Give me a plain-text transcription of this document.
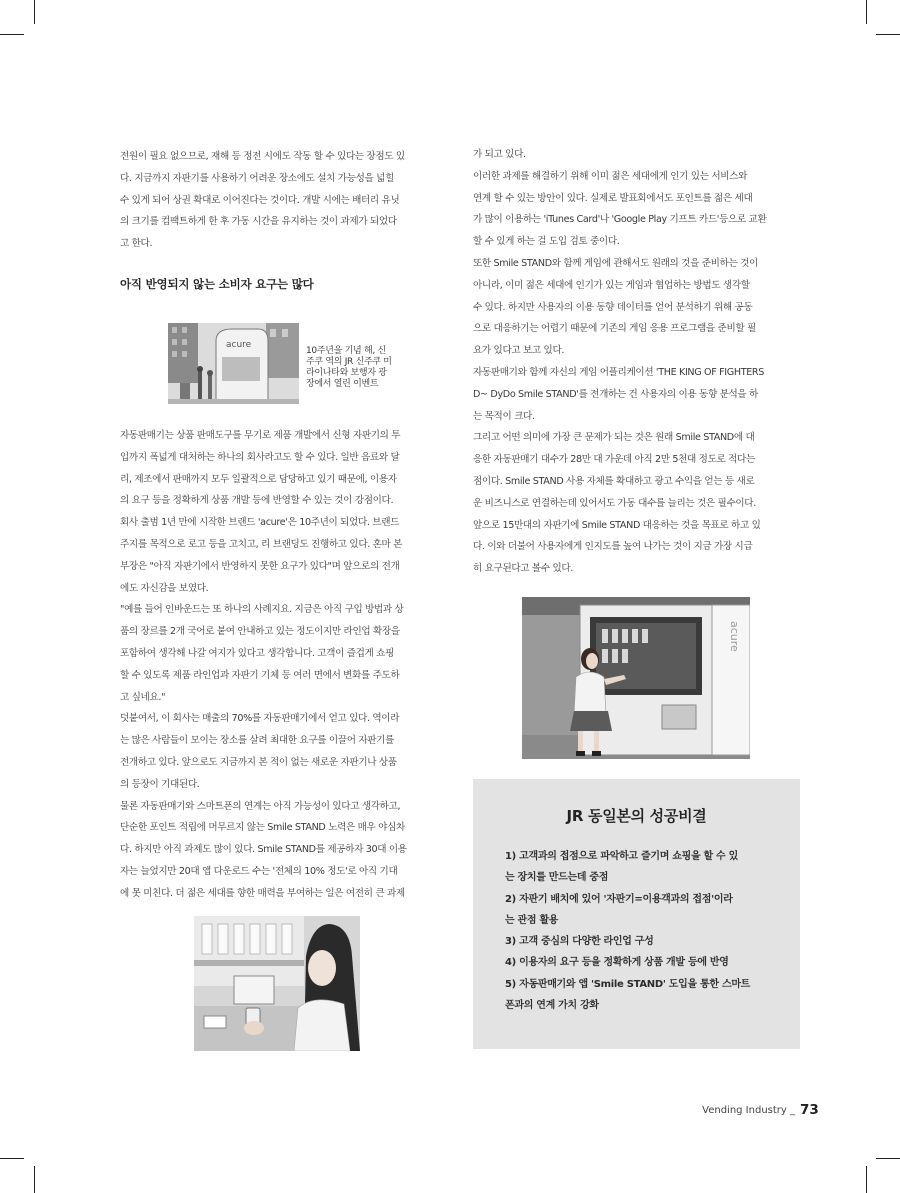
전원이 필요 없으므로, 재해 등 정전 시에도 작동 할 수 있다는 장점도 있

다. 지금까지 자판기를 사용하기 어려운 장소에도 설치 가능성을 넓힐

수 있게 되어 상권 확대로 이어진다는 것이다. 개발 시에는 배터리 유닛

의 크기를 컴팩트하게 한 후 가동 시간을 유지하는 것이 과제가 되었다

고 한다.

아직 반영되지 않는 소비자 요구는 많다
acure
10주년을 기념 해, 신
주쿠 역의 JR 신주쿠 미
라이나타와 보행자 광
장에서 열린 이벤트

자동판매기는 상품 판매도구를 무기로 제품 개발에서 신형 자판기의 투

입까지 폭넓게 대처하는 하나의 회사라고도 할 수 있다. 일반 음료와 달

리, 제조에서 판매까지 모두 일괄적으로 담당하고 있기 때문에, 이용자

의 요구 등을 정확하게 상품 개발 등에 반영할 수 있는 것이 강점이다.

회사 출범 1년 만에 시작한 브랜드 'acure'은 10주년이 되었다. 브랜드

주지를 목적으로 로고 등을 고치고, 리 브랜딩도 진행하고 있다. 혼마 본

부장은 "아직 자판기에서 반영하지 못한 요구가 있다"며 앞으로의 전개

에도 자신감을 보였다.

"예를 들어 인바운드는 또 하나의 사례지요. 지금은 아직 구입 방법과 상

품의 장르를 2개 국어로 붙여 안내하고 있는 정도이지만 라인업 확장을

포함하여 생각해 나갈 여지가 있다고 생각합니다. 고객이 즐겁게 쇼핑

할 수 있도록 제품 라인업과 자판기 기체 등 여러 면에서 변화를 주도하

고 싶네요."

덧붙여서, 이 회사는 매출의 70%를 자동판매기에서 얻고 있다. 역이라

는 많은 사람들이 모이는 장소를 살려 최대한 요구를 이끌어 자판기를

전개하고 있다. 앞으로도 지금까지 본 적이 없는 새로운 자판기나 상품

의 등장이 기대된다.

물론 자동판매기와 스마트폰의 연계는 아직 가능성이 있다고 생각하고,

단순한 포인트 적립에 머무르지 않는 Smile STAND 노력은 매우 야심차

다. 하지만 아직 과제도 많이 있다. Smile STAND를 제공하자 30대 이용

자는 늘었지만 20대 앱 다운로드 수는 '전체의 10% 정도'로 아직 기대

에 못 미친다. 더 젊은 세대를 향한 매력을 부여하는 일은 여전히 큰 과제

가 되고 있다.

이러한 과제를 해결하기 위해 이미 젊은 세대에게 인기 있는 서비스와

연계 할 수 있는 방안이 있다. 실제로 발표회에서도 포인트를 젊은 세대

가 많이 이용하는 'iTunes Card'나 'Google Play 기프트 카드'등으로 교환

할 수 있게 하는 걸 도입 검토 중이다.

또한 Smile STAND와 함께 게임에 관해서도 원래의 것을 준비하는 것이

아니라, 이미 젊은 세대에 인기가 있는 게임과 협업하는 방법도 생각할

수 있다. 하지만 사용자의 이용 동향 데이터를 얻어 분석하기 위해 공동

으로 대응하기는 어렵기 때문에 기존의 게임 응용 프로그램을 준비할 필

요가 있다고 보고 있다.

자동판매기와 함께 자신의 게임 어플리케이션 'THE KING OF FIGHTERS

D~ DyDo Smile STAND'를 전개하는 건 사용자의 이용 동향 분석을 하

는 목적이 크다.

그리고 어떤 의미에 가장 큰 문제가 되는 것은 원래 Smile STAND에 대

응한 자동판매기 대수가 28만 대 가운데 아직 2만 5천대 정도로 적다는

점이다. Smile STAND 사용 자체를 확대하고 광고 수익을 얻는 등 새로

운 비즈니스로 연결하는데 있어서도 가동 대수를 늘리는 것은 필수이다.

앞으로 15만대의 자판기에 Smile STAND 대응하는 것을 목표로 하고 있

다. 이와 더불어 사용자에게 인지도를 높여 나가는 것이 지금 가장 시급

히 요구된다고 볼수 있다.

acure
JR 동일본의 성공비결
1) 고객과의 접점으로 파악하고 즐기며 쇼핑을 할 수 있
는 장치를 만드는데 중점
2) 자판기 배치에 있어 '자판기=이용객과의 접점'이라
는 관점 활용
3) 고객 중심의 다양한 라인업 구성
4) 이용자의 요구 등을 정확하게 상품 개발 등에 반영
5) 자동판매기와 앱 'Smile STAND' 도입을 통한 스마트
폰과의 연계 가치 강화
Vending Industry _ 73
